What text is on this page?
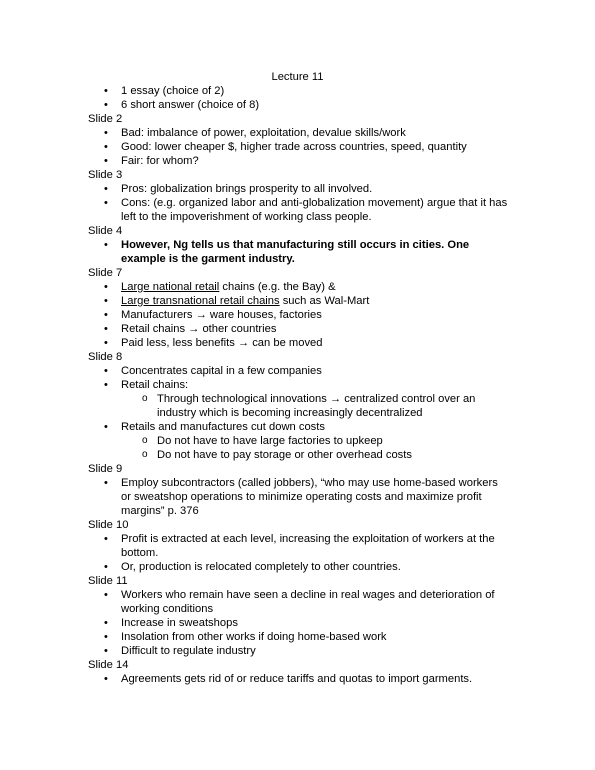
Lecture 11
• 1 essay (choice of 2)
• 6 short answer (choice of 8)
Slide 2
• Bad: imbalance of power, exploitation, devalue skills/work
• Good: lower cheaper $, higher trade across countries, speed, quantity
• Fair: for whom?
Slide 3
• Pros: globalization brings prosperity to all involved.
• Cons: (e.g. organized labor and anti-globalization movement) argue that it has left to the impoverishment of working class people.
Slide 4
• However, Ng tells us that manufacturing still occurs in cities. One example is the garment industry.
Slide 7
• Large national retail chains (e.g. the Bay) &
• Large transnational retail chains such as Wal-Mart
• Manufacturers → ware houses, factories
• Retail chains → other countries
• Paid less, less benefits → can be moved
Slide 8
• Concentrates capital in a few companies
• Retail chains:
o Through technological innovations → centralized control over an industry which is becoming increasingly decentralized
• Retails and manufactures cut down costs
o Do not have to have large factories to upkeep
o Do not have to pay storage or other overhead costs
Slide 9
• Employ subcontractors (called jobbers), “who may use home-based workers or sweatshop operations to minimize operating costs and maximize profit margins” p. 376
Slide 10
• Profit is extracted at each level, increasing the exploitation of workers at the bottom.
• Or, production is relocated completely to other countries.
Slide 11
• Workers who remain have seen a decline in real wages and deterioration of working conditions
• Increase in sweatshops
• Insolation from other works if doing home-based work
• Difficult to regulate industry
Slide 14
• Agreements gets rid of or reduce tariffs and quotas to import garments.
